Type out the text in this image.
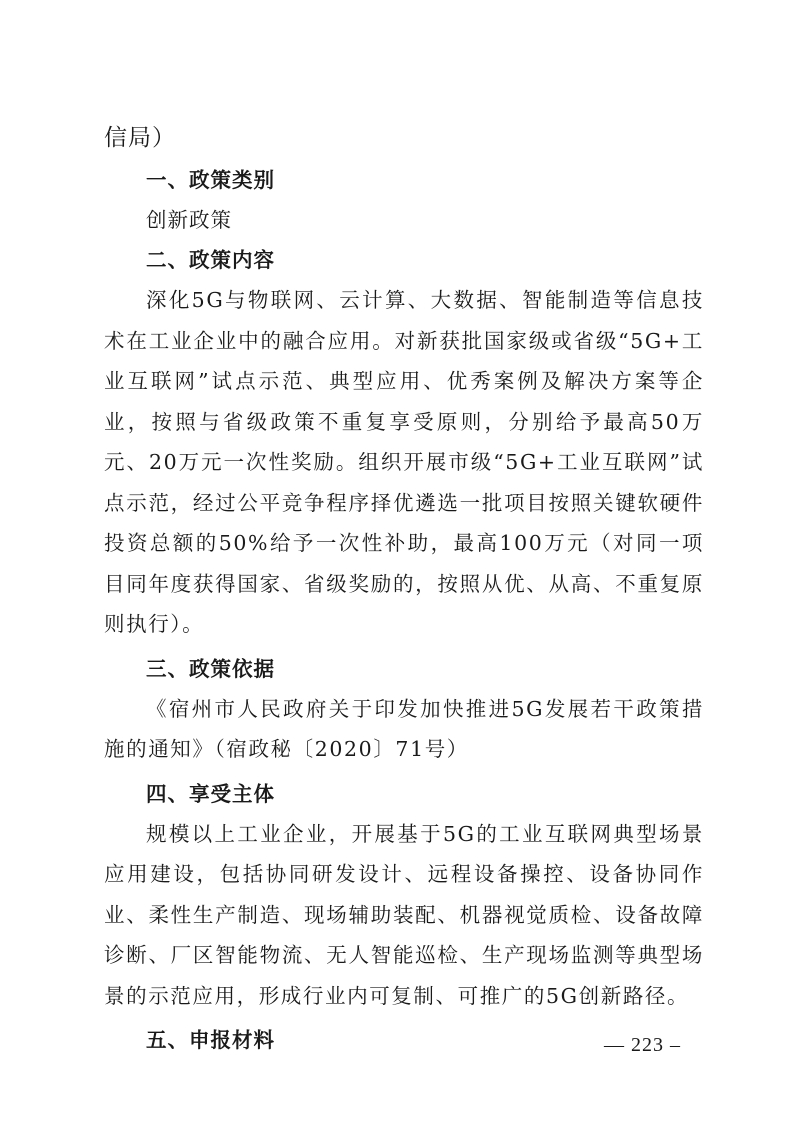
信局）
一、政策类别
创新政策
二、政策内容

深化5G与物联网、云计算、大数据、智能制造等信息技术在工业企业中的融合应用。对新获批国家级或省级“5G+工业互联网”试点示范、典型应用、优秀案例及解决方案等企业，按照与省级政策不重复享受原则，分别给予最高50万元、20万元一次性奖励。组织开展市级“5G+工业互联网”试点示范，经过公平竞争程序择优遴选一批项目按照关键软硬件投资总额的50%给予一次性补助，最高100万元（对同一项目同年度获得国家、省级奖励的，按照从优、从高、不重复原则执行）。

三、政策依据

《宿州市人民政府关于印发加快推进5G发展若干政策措施的通知》（宿政秘〔2020〕71号）

四、享受主体

规模以上工业企业，开展基于5G的工业互联网典型场景应用建设，包括协同研发设计、远程设备操控、设备协同作业、柔性生产制造、现场辅助装配、机器视觉质检、设备故障诊断、厂区智能物流、无人智能巡检、生产现场监测等典型场景的示范应用，形成行业内可复制、可推广的5G创新路径。

五、申报材料	— 223 –
